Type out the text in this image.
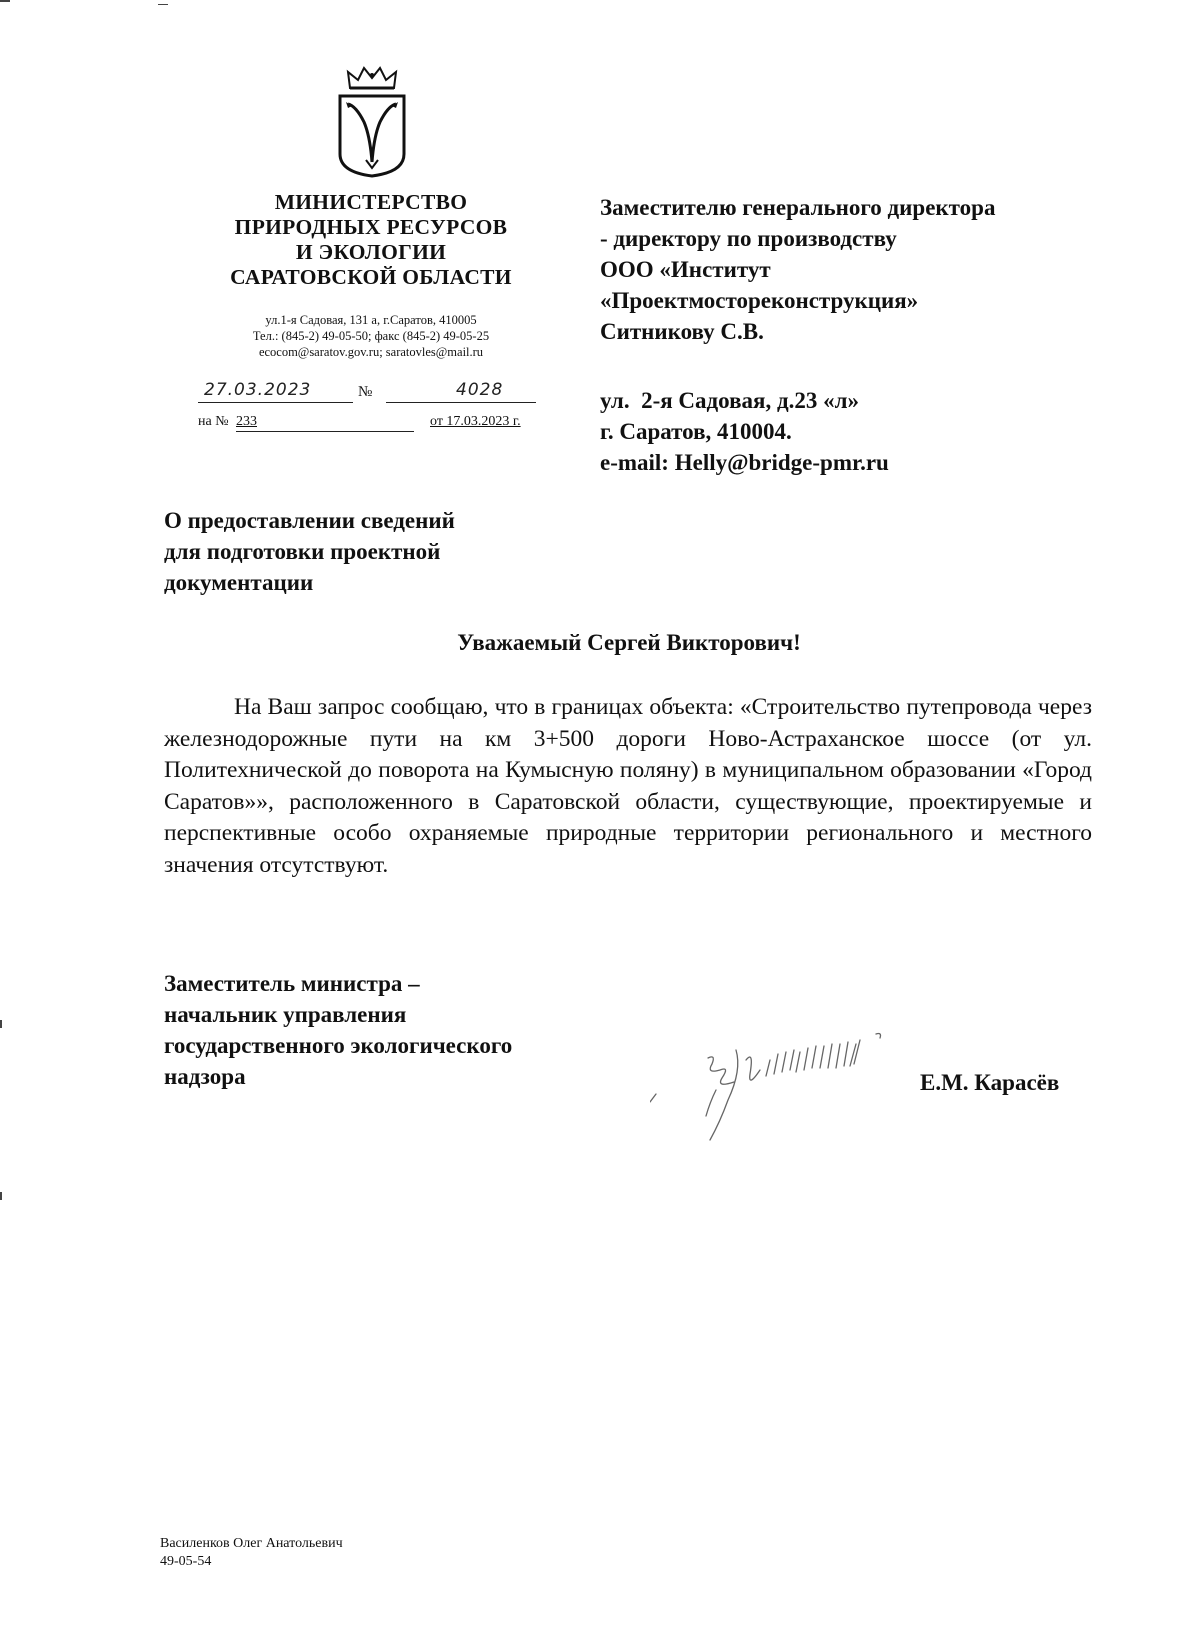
МИНИСТЕРСТВО
ПРИРОДНЫХ РЕСУРСОВ
И ЭКОЛОГИИ
САРАТОВСКОЙ ОБЛАСТИ
ул.1-я Садовая, 131 а, г.Саратов, 410005
Тел.: (845-2) 49-05-50; факс (845-2) 49-05-25
ecocom@saratov.gov.ru; saratovles@mail.ru
27.03.2023	№	4028
на № 233	от 17.03.2023 г.
Заместителю генерального директора
- директору по производству
ООО «Институт
«Проектмостореконструкция»
Ситникову С.В.
ул.  2-я Садовая, д.23 «л»
г. Саратов, 410004.
e-mail: Helly@bridge-pmr.ru
О предоставлении сведений
для подготовки проектной
документации
Уважаемый Сергей Викторович!
На Ваш запрос сообщаю, что в границах объекта: «Строительство путепровода через железнодорожные пути на км 3+500 дороги Ново-Астраханское шоссе (от ул. Политехнической до поворота на Кумысную поляну) в муниципальном образовании «Город Саратов»», расположенного в Саратовской области, существующие, проектируемые и перспективные особо охраняемые природные территории регионального и местного значения отсутствуют.
Заместитель министра –
начальник управления
государственного экологического
надзора	Е.М. Карасёв
Василенков Олег Анатольевич
49-05-54
